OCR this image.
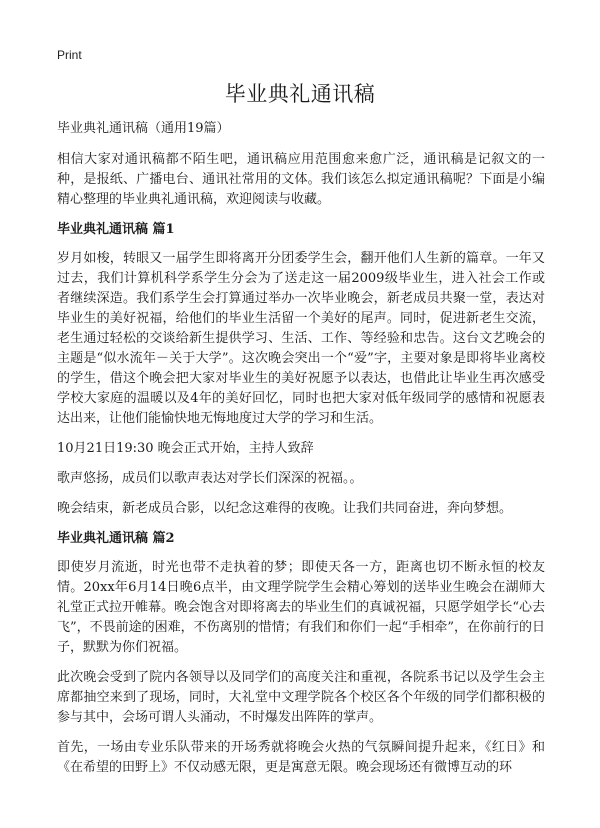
Print
毕业典礼通讯稿

毕业典礼通讯稿（通用19篇）

相信大家对通讯稿都不陌生吧，通讯稿应用范围愈来愈广泛，通讯稿是记叙文的一种，是报纸、广播电台、通讯社常用的文体。我们该怎么拟定通讯稿呢？下面是小编精心整理的毕业典礼通讯稿，欢迎阅读与收藏。

毕业典礼通讯稿 篇1

岁月如梭，转眼又一届学生即将离开分团委学生会，翻开他们人生新的篇章。一年又过去，我们计算机科学系学生分会为了送走这一届2009级毕业生，进入社会工作或者继续深造。我们系学生会打算通过举办一次毕业晚会，新老成员共聚一堂，表达对毕业生的美好祝福，给他们的毕业生活留一个美好的尾声。同时，促进新老生交流，老生通过轻松的交谈给新生提供学习、生活、工作、等经验和忠告。这台文艺晚会的主题是“似水流年－关于大学”。这次晚会突出一个“爱”字，主要对象是即将毕业离校的学生，借这个晚会把大家对毕业生的美好祝愿予以表达，也借此让毕业生再次感受学校大家庭的温暖以及4年的美好回忆，同时也把大家对低年级同学的感情和祝愿表达出来，让他们能愉快地无悔地度过大学的学习和生活。

10月21日19:30 晚会正式开始，主持人致辞

歌声悠扬，成员们以歌声表达对学长们深深的祝福。。

晚会结束，新老成员合影，以纪念这难得的夜晚。让我们共同奋进，奔向梦想。

毕业典礼通讯稿 篇2

即使岁月流逝，时光也带不走执着的梦；即使天各一方，距离也切不断永恒的校友情。20xx年6月14日晚6点半，由文理学院学生会精心筹划的送毕业生晚会在湖师大礼堂正式拉开帷幕。晚会饱含对即将离去的毕业生们的真诚祝福，只愿学姐学长“心去飞”，不畏前途的困难，不伤离别的惜情；有我们和你们一起“手相牵”，在你前行的日子，默默为你们祝福。

此次晚会受到了院内各领导以及同学们的高度关注和重视，各院系书记以及学生会主席都抽空来到了现场，同时，大礼堂中文理学院各个校区各个年级的同学们都积极的参与其中，会场可谓人头涌动，不时爆发出阵阵的掌声。

首先，一场由专业乐队带来的开场秀就将晚会火热的气氛瞬间提升起来，《红日》和《在希望的田野上》不仅动感无限，更是寓意无限。晚会现场还有微博互动的环
